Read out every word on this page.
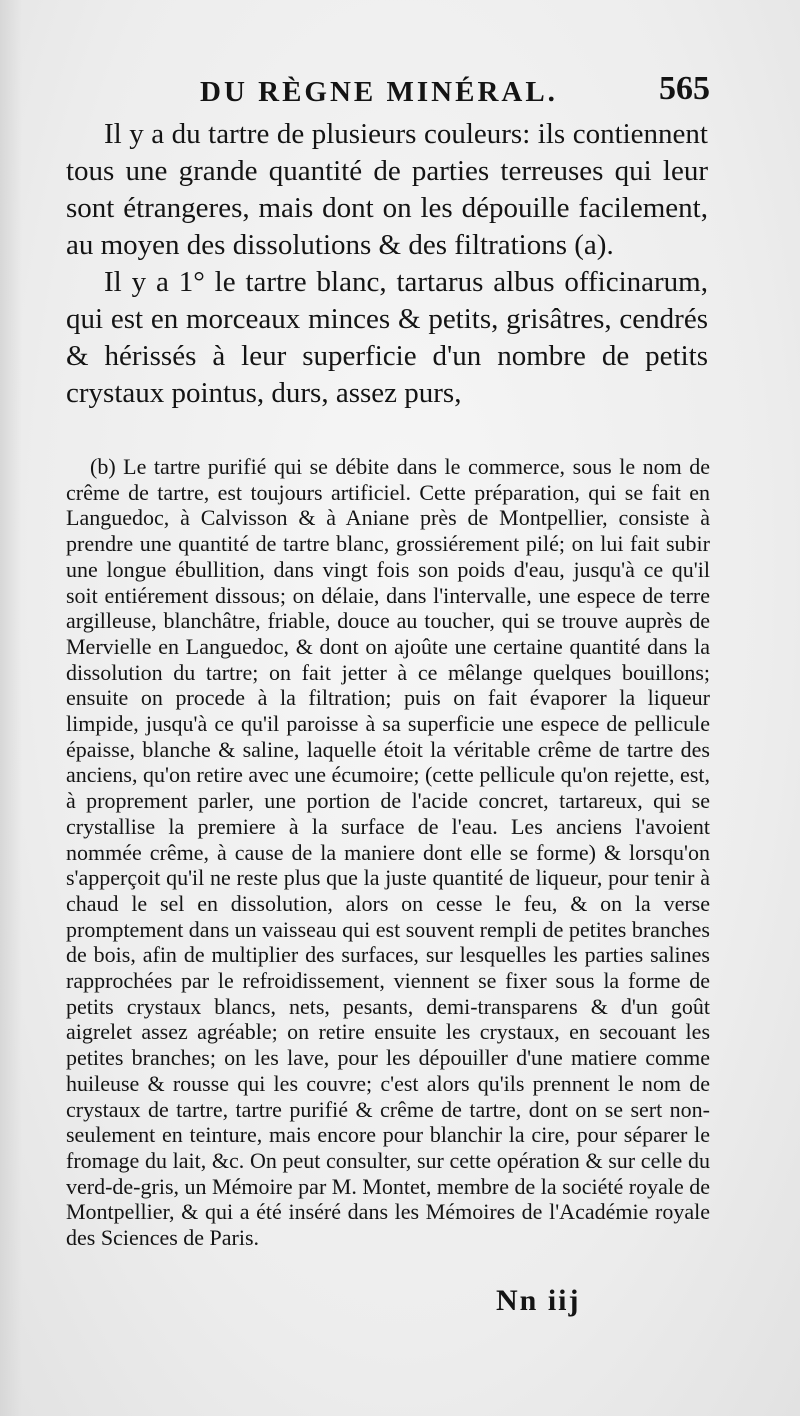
DU RÈGNE MINÉRAL.	565

Il y a du tartre de plusieurs couleurs: ils contiennent tous une grande quantité de parties terreuses qui leur sont étrangeres, mais dont on les dépouille facilement, au moyen des dissolutions & des filtrations (a).

Il y a 1° le tartre blanc, tartarus albus officinarum, qui est en morceaux minces & petits, grisâtres, cendrés & hérissés à leur superficie d'un nombre de petits crystaux pointus, durs, assez purs,

(b) Le tartre purifié qui se débite dans le commerce, sous le nom de crême de tartre, est toujours artificiel. Cette préparation, qui se fait en Languedoc, à Calvisson & à Aniane près de Montpellier, consiste à prendre une quantité de tartre blanc, grossiérement pilé; on lui fait subir une longue ébullition, dans vingt fois son poids d'eau, jusqu'à ce qu'il soit entiérement dissous; on délaie, dans l'intervalle, une espece de terre argilleuse, blanchâtre, friable, douce au toucher, qui se trouve auprès de Mervielle en Languedoc, & dont on ajoûte une certaine quantité dans la dissolution du tartre; on fait jetter à ce mêlange quelques bouillons; ensuite on procede à la filtration; puis on fait évaporer la liqueur limpide, jusqu'à ce qu'il paroisse à sa superficie une espece de pellicule épaisse, blanche & saline, laquelle étoit la véritable crême de tartre des anciens, qu'on retire avec une écumoire; (cette pellicule qu'on rejette, est, à proprement parler, une portion de l'acide concret, tartareux, qui se crystallise la premiere à la surface de l'eau. Les anciens l'avoient nommée crême, à cause de la maniere dont elle se forme) & lorsqu'on s'apperçoit qu'il ne reste plus que la juste quantité de liqueur, pour tenir à chaud le sel en dissolution, alors on cesse le feu, & on la verse promptement dans un vaisseau qui est souvent rempli de petites branches de bois, afin de multiplier des surfaces, sur lesquelles les parties salines rapprochées par le refroidissement, viennent se fixer sous la forme de petits crystaux blancs, nets, pesants, demi-transparens & d'un goût aigrelet assez agréable; on retire ensuite les crystaux, en secouant les petites branches; on les lave, pour les dépouiller d'une matiere comme huileuse & rousse qui les couvre; c'est alors qu'ils prennent le nom de crystaux de tartre, tartre purifié & crême de tartre, dont on se sert non-seulement en teinture, mais encore pour blanchir la cire, pour séparer le fromage du lait, &c. On peut consulter, sur cette opération & sur celle du verd-de-gris, un Mémoire par M. Montet, membre de la société royale de Montpellier, & qui a été inséré dans les Mémoires de l'Académie royale des Sciences de Paris.

Nn iij
